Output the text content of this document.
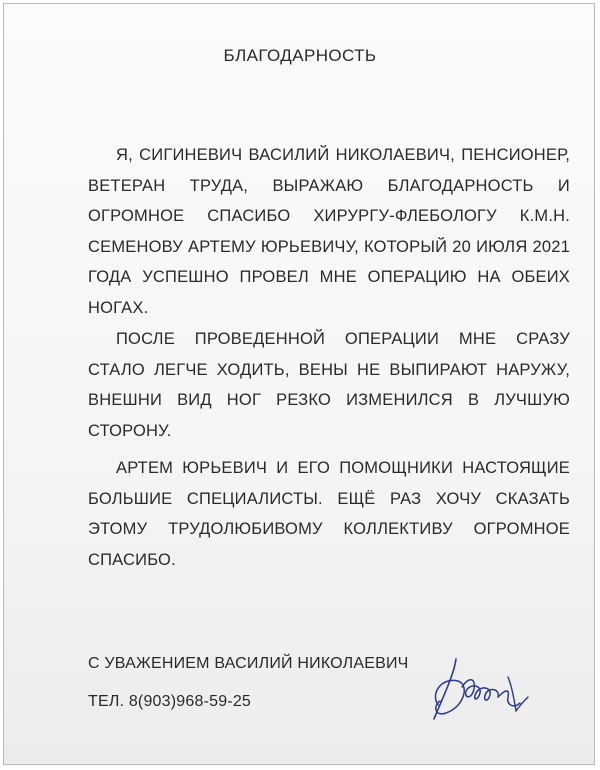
БЛАГОДАРНОСТЬ
Я, СИГИНЕВИЧ ВАСИЛИЙ НИКОЛАЕВИЧ, ПЕНСИОНЕР, ВЕТЕРАН ТРУДА, ВЫРАЖАЮ БЛАГОДАРНОСТЬ И ОГРОМНОЕ СПАСИБО ХИРУРГУ-ФЛЕБОЛОГУ К.М.Н. СЕМЕНОВУ АРТЕМУ ЮРЬЕВИЧУ, КОТОРЫЙ 20 ИЮЛЯ 2021 ГОДА УСПЕШНО ПРОВЕЛ МНЕ ОПЕРАЦИЮ НА ОБЕИХ НОГАХ.
ПОСЛЕ ПРОВЕДЕННОЙ ОПЕРАЦИИ МНЕ СРАЗУ СТАЛО ЛЕГЧЕ ХОДИТЬ, ВЕНЫ НЕ ВЫПИРАЮТ НАРУЖУ, ВНЕШНИ ВИД НОГ РЕЗКО ИЗМЕНИЛСЯ В ЛУЧШУЮ СТОРОНУ.
АРТЕМ ЮРЬЕВИЧ И ЕГО ПОМОЩНИКИ НАСТОЯЩИЕ БОЛЬШИЕ СПЕЦИАЛИСТЫ. ЕЩЁ РАЗ ХОЧУ СКАЗАТЬ ЭТОМУ ТРУДОЛЮБИВОМУ КОЛЛЕКТИВУ ОГРОМНОЕ СПАСИБО.
С УВАЖЕНИЕМ ВАСИЛИЙ НИКОЛАЕВИЧ
ТЕЛ. 8(903)968-59-25
